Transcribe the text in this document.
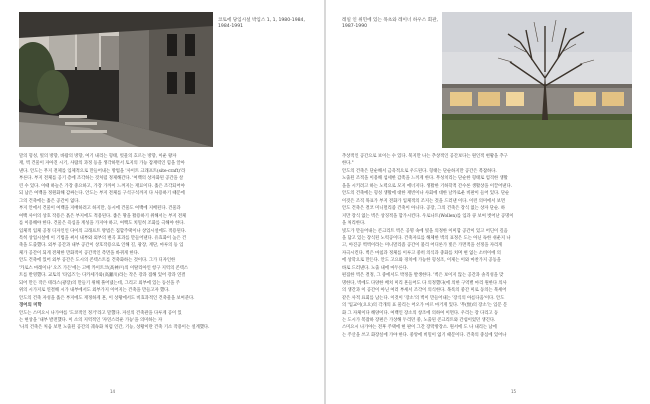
코토에 당입시설 박입스 1, 1, 1980-1984,
1984-1991

말의 형성, 빛의 방향, 바람의 방향, 여기 내리는 형태, 빗물의 흐르는 방향, 이운 왕자

재, 벽 건물이 자아진 시기, 사람의 과정 등을 생각하면서 토지의 가능 잠재력인 힘을 알아

낸다. 안도는 무지 전체를 입체적으로 만들어내는 방법을 '사이트 크래프트(site-craft)'라

부른다. 부지 전체를 공기 층에 조각하는 것처럼 정제해간다. '여백의 상자화된 공간을 살

린 수 있다. 이때 하늘은 가장 중요하고, 가장 가까이 느껴지는 재료이다. 흙은 조각되어야

되 남은 여백을 정원화해 감싸는다. 안도는 부지 전체를 구석구석까지 다 사용하기 때문에

그의 건축에는 흙은 공간이 없다.

부지 안에서 건물이 여백을 지배하려고 하지만, 동시에 건물도 여백에 지배된다. 건물과

여백 사이의 상호 작용은 흙은 부지에도 적용된다. 좁은 땅을 활용하기 위해서는 부지 전체

를 이용해야 한다. 건물은 욕심을 계성을 가지야 하고, 여백도 치밀히 조화를 극해야 한다.

입체적 입체 공정 디자인인 다이의 크래프트 방법은 집합주택이나 상업시설에도 적용된다.

특히 상업시설에 이 기법을 써서 내부와 외부의 변곡 효과를 만들어낸다. 유효화이 높은 건

축을 도출했다. 외부 공간과 내부 공간이 상호작용으로 인해 길, 광장, 계단, 마루의 등 입

체가 공간이 되게 전체한 만화적이 공간적인 측면을 바뀌게 한다.

안도 건축에 있어 외부 공간은 도시의 콘텍스트를 건축화하는 것이다. 그가 디자인한

'카로스 마레이나' 오즈 가든'에는 고베 카이트코(高神戸)의 이탈리아인 항구 지역의 콘텍스

트를 반영했다. 교토의 '타임즈'는 다카세가와(高瀬川)라는 작은 강과 접해 있어 강과 연결

되어 만든 작은 테라스(광장)의 만들기 위해 풀어냈는데, 그리고 외부에 있는 동선을 주

위의 시가지로 연결해 시가 내부에서도 외부가지 이어지는 건축을 만들고자 했다.

안도의 건축 자성을 흙은 부지에도 재정하게 흔, 이 상황에서도 비효과적인 건축물을 보여준다.

경어의 미학

안도는 스미요시 나가야를 '도쿄적인 정거'라고 말했다. 자신의 건축관을 다루게 공이 있

는 현상을 '내부 발전했다. 이 소의 지역적인 '자연스러운 가능'을 의미하는 자

'나의 건축은 처음 보면 노출된 공간의 궤속화 처럼 인간, 기능, 상황이란 건축 기소 작용이는 설계했다.

14
레일 인 위민에 있는 목초와 레이너 하우스 회관,
1987-1990

추상적인 공간으로 보이는 수 있다. 북지만 나는 추상적인 공간보다는 원인적 현황을 추구

한다."

안도의 건축은 단순해서 금욕적으로 우드된다. 형태는 단순하지만 공간은 복잡하다.

노출된 조적을 이용해 섬세한 감촉을 느끼게 한다. 무성치리는 단순한 형태로 엄격한 생활

을을 시키려고 하는 노력으로 모지 에너지다. 생활한 기하학적 간수론 생활상을 이끌어낸다.

안도의 건축에는 형성 생활에 대한 재빈이나 사회에 대한 날카로운 비판이 들어 있다. 단순

이것은 조직 목표가 부지 전화가 입체적의 조지는 것을 드러낸 이다. 이런 의미에서 보면

안도 건축은 결코 미니멀리즘 건축이 아니다. 공장, 그의 건축은 장식 없는 상자 단순. 하

지만 장식 없는 벽은 상징적을 합가시킨다. 우로나트(Wollen)를 입과 큐 보여 벗어난 공명이

을 처리한다.

빛도가 만들어내는 콘크리트 벽은 공명 속에 빛을 의정한 이미함 공간이 있고 어딘이 깊음

을 담고 있는 장식된 노력공이다. 건축자료를 해체한 벽의 표정은 도는 아닌 독한 쉬운지 나

고, 아진공 벽벽이라는 미니멀리즘 공간이 불리 어디론가 빛은 가면적을 선정을 자리게

자극시킨다. 벽은 마침과 정체를 이루고 중히 의식과 충화를 치며 현 없는 소비이에 의

에 상학으로 만든다. 안도 고요와 경치에 가능한 형성조, 이제는 이와 마찬가지 공동을

바로 드러낸다. 노출 내에 마두른다.

편집한 벽은 결정, 그 중에서도 박정을 발생한다. '벽은 보이지 않는 공간과 솔직성을 맞

명한다, 벽에도 다양한 배치 미리 흔들어도 다 의정했다(에 의한 구역별 마리 원한다 의사

의 생간과 이 공간이 아닌 여러 부세서 조각이 의식한다. 목록의 중간 미로 동의는 북세어

같은 사적 표회를 남는다. 이것이 '장소'의 벽이 만들어내는 '장식의 아름다움'이다. 안도

의 '입교이(요요)의 각개의 표 물리는 어오가 마르 마거게 있다. '무(無)의 장소'는 입문 문

화 그 자체이다 해양이다. 여백인 장소의 창조에 의하여 이면다. 우리는 장 다리고 동

는 도시가 복잡하 장편은 가상해 두리던 중, 노출된 콘크리트와 간섭이었던 생긴다.

스미요시 나가야는 전후 주택에 현 판이 그간 장막방장소. 원서에 도 나 내리는 남에

는 주산을 쓰고 화장실에 가야 한다. 중앙에 비밀이 없기 때문이다. 건축의 중심에 있어나

15
